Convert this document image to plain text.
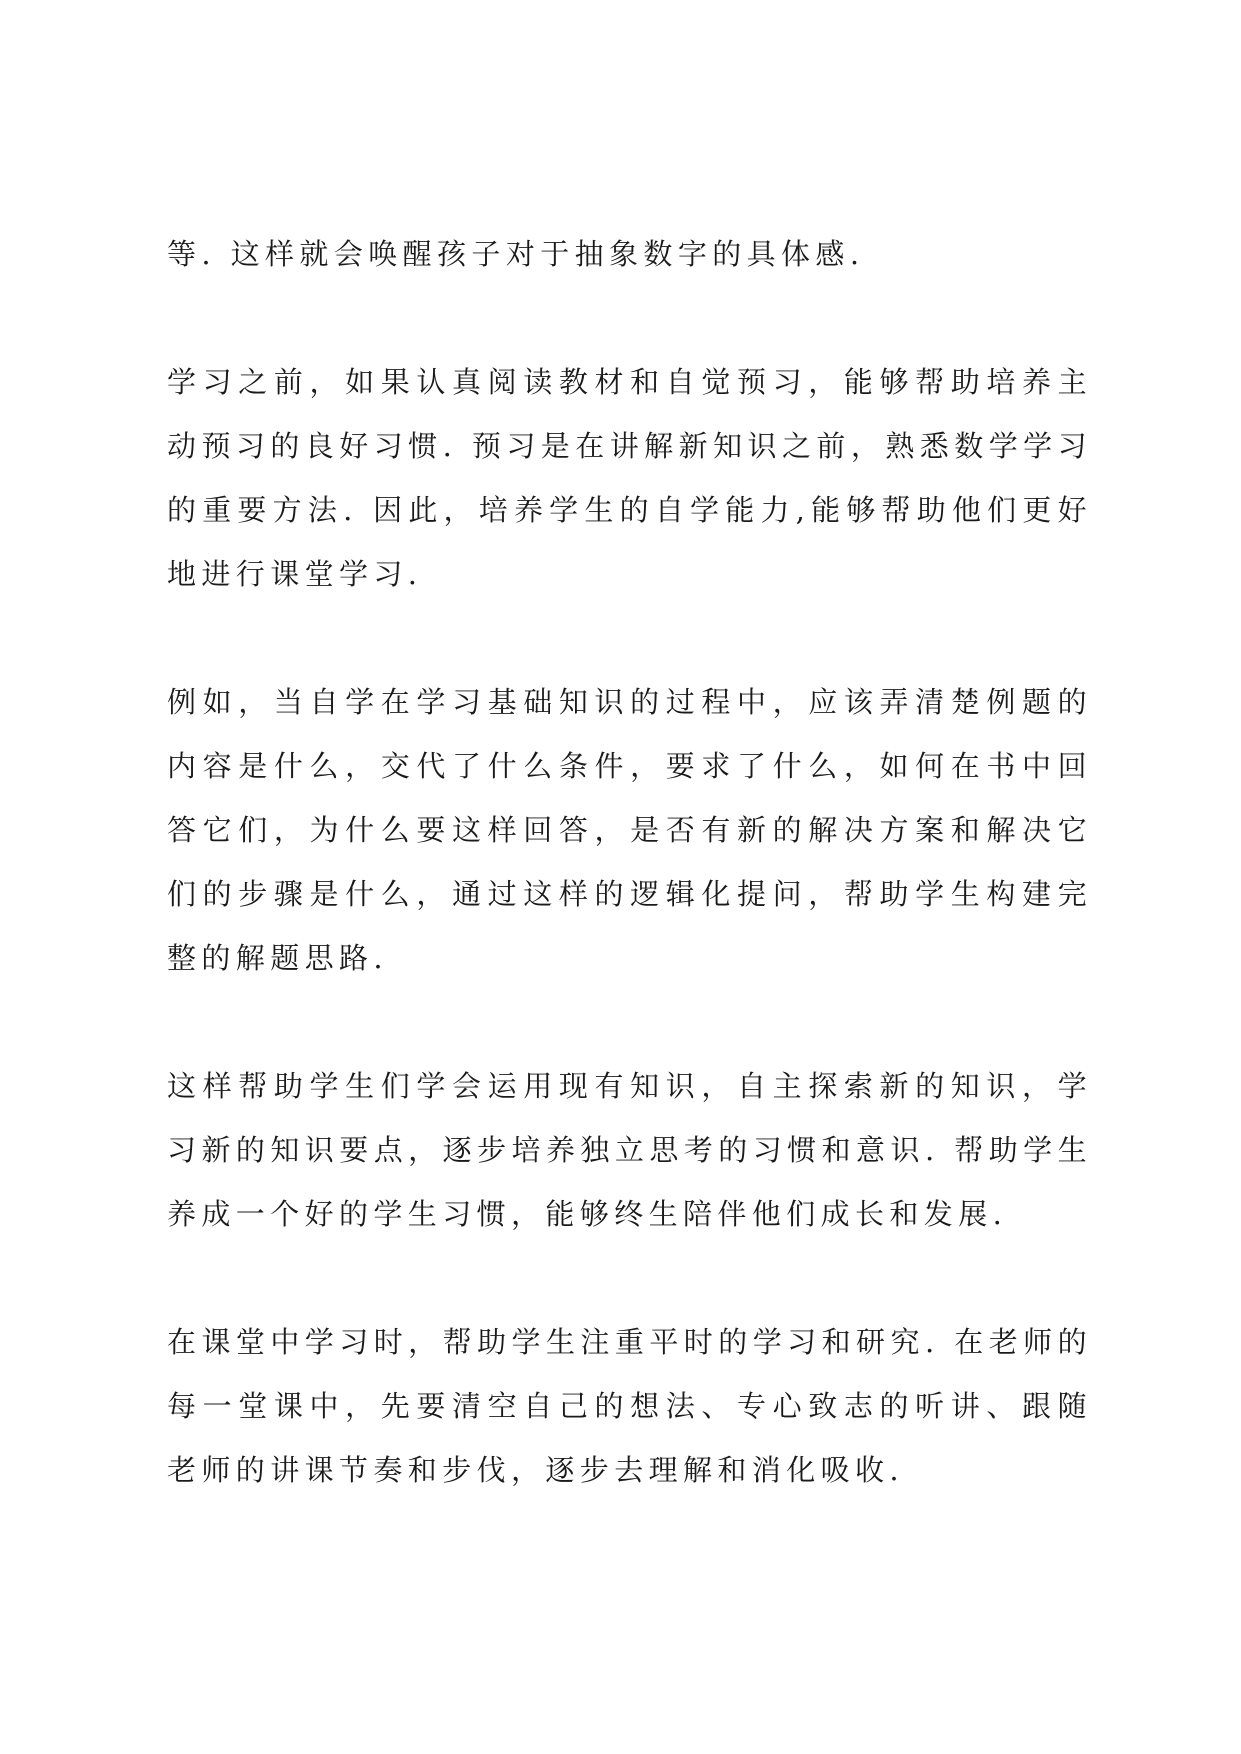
等. 这样就会唤醒孩子对于抽象数字的具体感.

学习之前，如果认真阅读教材和自觉预习，能够帮助培养主动预习的良好习惯. 预习是在讲解新知识之前，熟悉数学学习的重要方法. 因此，培养学生的自学能力,能够帮助他们更好地进行课堂学习.

例如，当自学在学习基础知识的过程中，应该弄清楚例题的内容是什么，交代了什么条件，要求了什么，如何在书中回答它们，为什么要这样回答，是否有新的解决方案和解决它们的步骤是什么，通过这样的逻辑化提问，帮助学生构建完整的解题思路.

这样帮助学生们学会运用现有知识，自主探索新的知识，学习新的知识要点，逐步培养独立思考的习惯和意识. 帮助学生养成一个好的学生习惯，能够终生陪伴他们成长和发展.

在课堂中学习时，帮助学生注重平时的学习和研究. 在老师的每一堂课中，先要清空自己的想法、专心致志的听讲、跟随老师的讲课节奏和步伐，逐步去理解和消化吸收.
